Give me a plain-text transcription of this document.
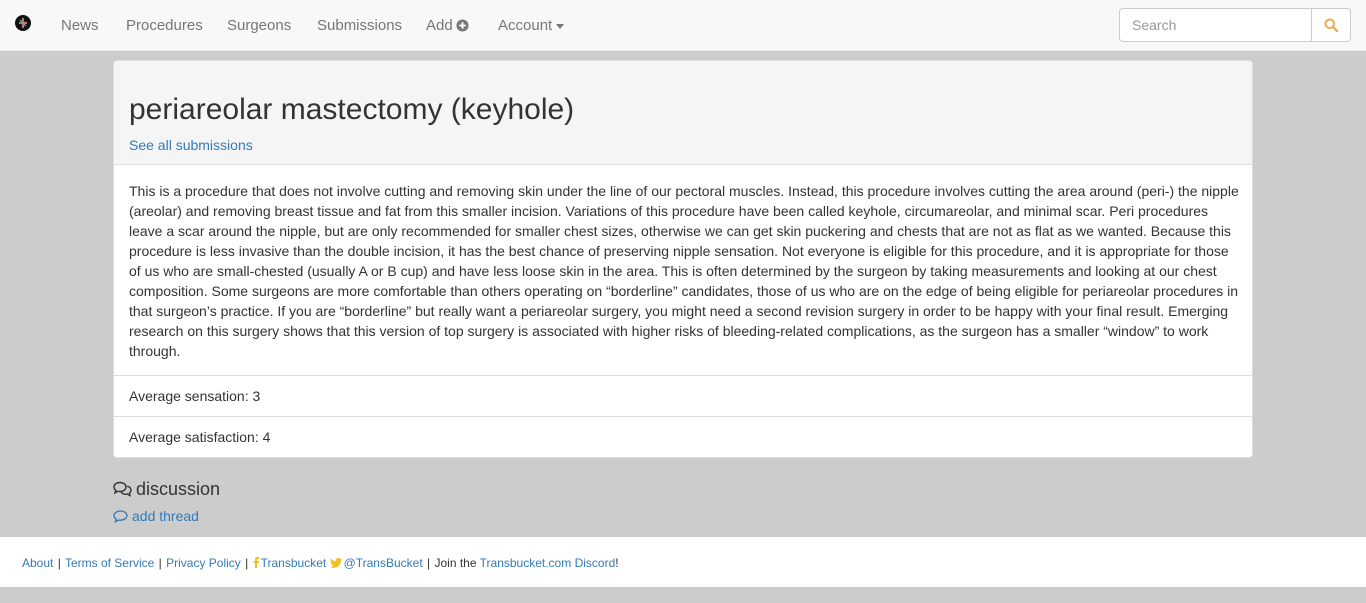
News Procedures Surgeons Submissions Add	Account
Search
periareolar mastectomy (keyhole)
See all submissions

This is a procedure that does not involve cutting and removing skin under the line of our pectoral muscles. Instead, this procedure involves cutting the area around (peri-) the nipple (areolar) and removing breast tissue and fat from this smaller incision. Variations of this procedure have been called keyhole, circumareolar, and minimal scar. Peri procedures leave a scar around the nipple, but are only recommended for smaller chest sizes, otherwise we can get skin puckering and chests that are not as flat as we wanted. Because this procedure is less invasive than the double incision, it has the best chance of preserving nipple sensation. Not everyone is eligible for this procedure, and it is appropriate for those of us who are small-chested (usually A or B cup) and have less loose skin in the area. This is often determined by the surgeon by taking measurements and looking at our chest composition. Some surgeons are more comfortable than others operating on “borderline” candidates, those of us who are on the edge of being eligible for periareolar procedures in that surgeon’s practice. If you are “borderline” but really want a periareolar surgery, you might need a second revision surgery in order to be happy with your final result. Emerging research on this surgery shows that this version of top surgery is associated with higher risks of bleeding-related complications, as the surgeon has a smaller “window” to work through.

Average sensation: 3
Average satisfaction: 4
discussion
add thread
About | Terms of Service | Privacy Policy | Transbucket @TransBucket | Join the Transbucket.com Discord!
